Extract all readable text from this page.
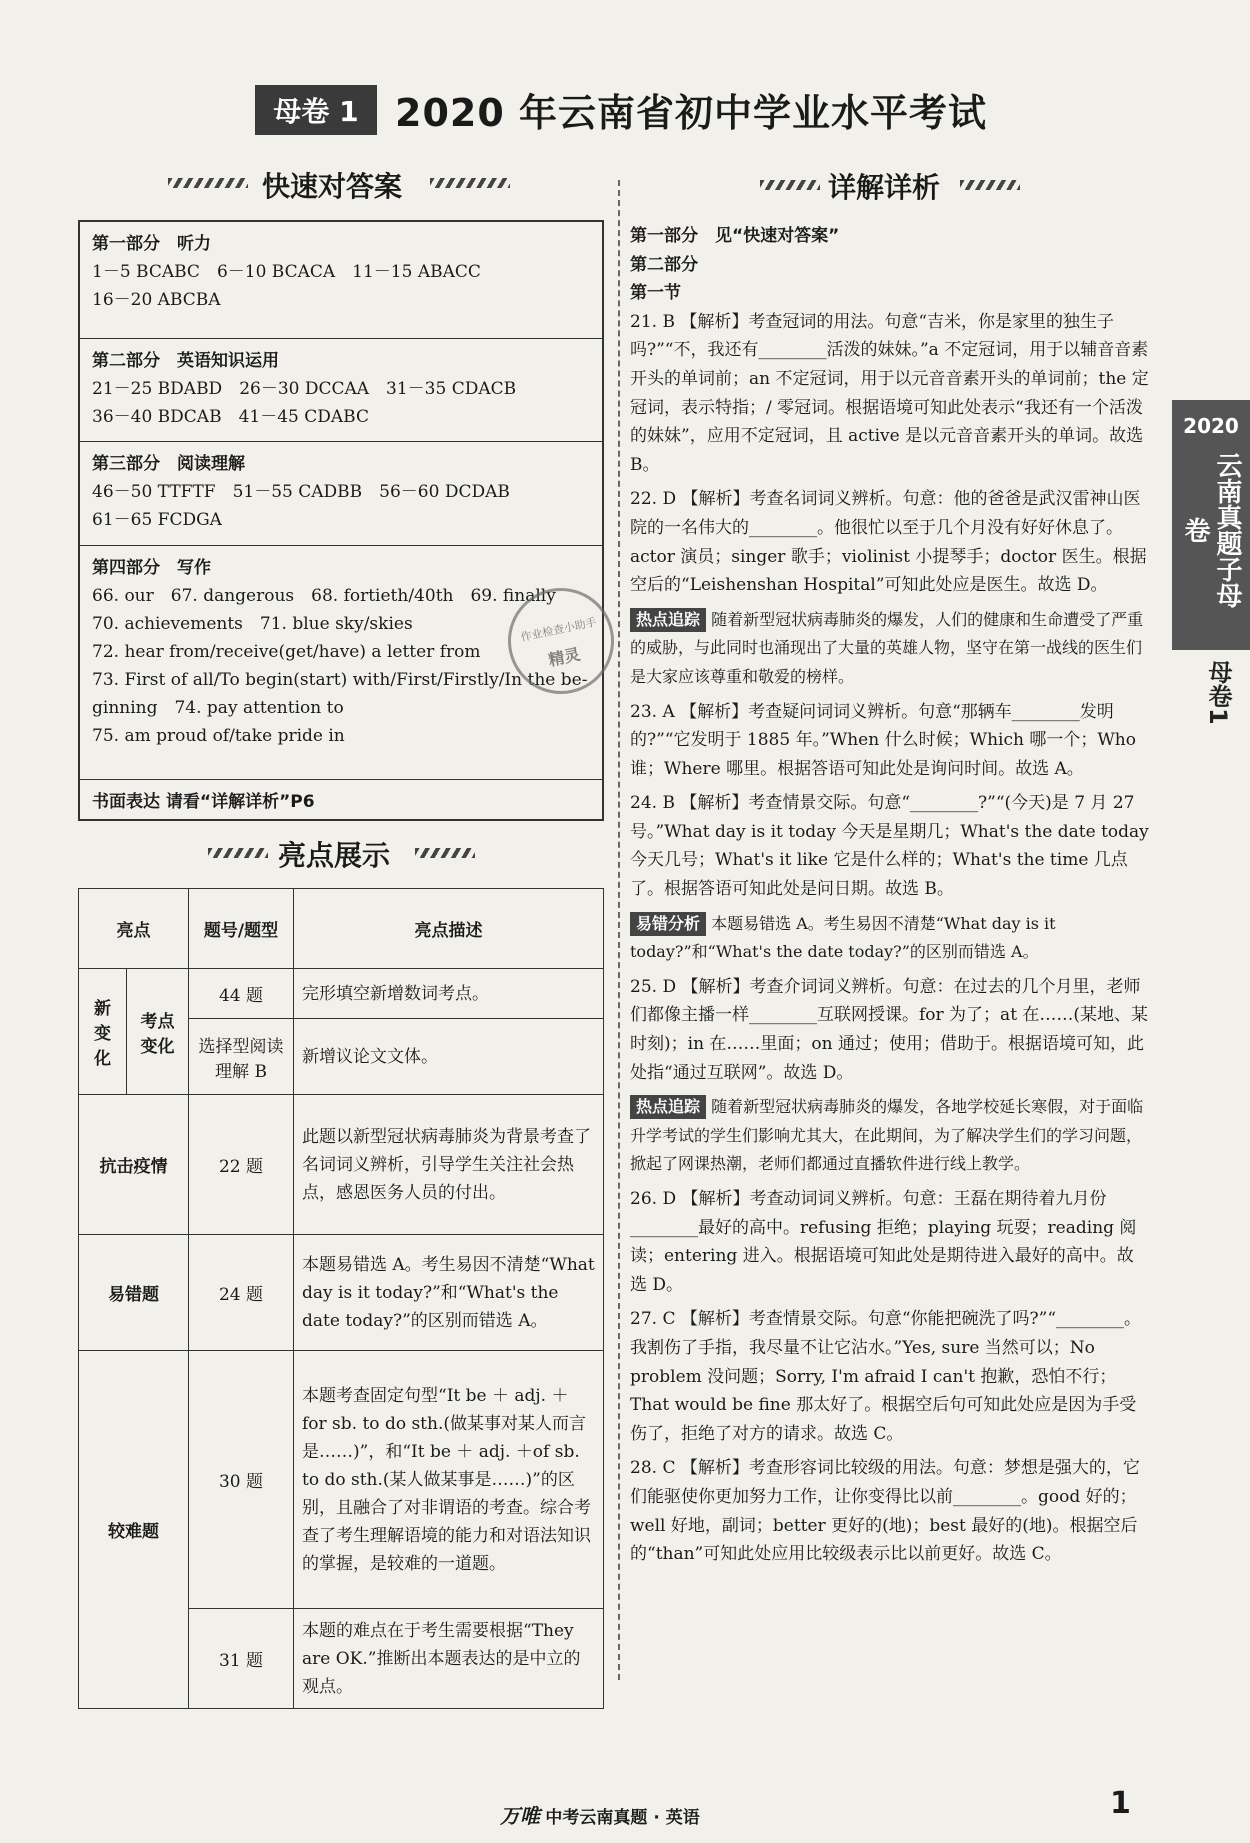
母卷 1 2020 年云南省初中学业水平考试
快速对答案
第一部分　听力
1－5 BCABC　6－10 BCACA　11－15 ABACC
16－20 ABCBA
第二部分　英语知识运用
21－25 BDABD　26－30 DCCAA　31－35 CDACB
36－40 BDCAB　41－45 CDABC
第三部分　阅读理解
46－50 TTFTF　51－55 CADBB　56－60 DCDAB
61－65 FCDGA
第四部分　写作
66. our　67. dangerous　68. fortieth/40th　69. finally
70. achievements　71. blue sky/skies
72. hear from/receive(get/have) a letter from
73. First of all/To begin(start) with/First/Firstly/In the be-
ginning　74. pay attention to
75. am proud of/take pride in
书面表达 请看“详解详析”P6
作业检查小助手
精灵
亮点展示
亮点		题号/题型	亮点描述
新变化	考点变化	44 题	完形填空新增数词考点。
		选择型阅读理解 B	新增议论文文体。
抗击疫情		22 题	此题以新型冠状病毒肺炎为背景考查了名词词义辨析，引导学生关注社会热点，感恩医务人员的付出。
易错题		24 题	本题易错选 A。考生易因不清楚“What day is it today?”和“What's the date today?”的区别而错选 A。
较难题		30 题	本题考查固定句型“It be ＋ adj. ＋ for sb. to do sth.(做某事对某人而言是……)”，和“It be ＋ adj. ＋of sb. to do sth.(某人做某事是……)”的区别，且融合了对非谓语的考查。综合考查了考生理解语境的能力和对语法知识的掌握，是较难的一道题。
		31 题	本题的难点在于考生需要根据“They are OK.”推断出本题表达的是中立的观点。
详解详析

第一部分　见“快速对答案”

第二部分

第一节

21. B 【解析】考查冠词的用法。句意“吉米，你是家里的独生子吗?”“不，我还有________活泼的妹妹。”a 不定冠词，用于以辅音音素开头的单词前；an 不定冠词，用于以元音音素开头的单词前；the 定冠词，表示特指；/ 零冠词。根据语境可知此处表示“我还有一个活泼的妹妹”，应用不定冠词，且 active 是以元音音素开头的单词。故选 B。

22. D 【解析】考查名词词义辨析。句意：他的爸爸是武汉雷神山医院的一名伟大的________。他很忙以至于几个月没有好好休息了。actor 演员；singer 歌手；violinist 小提琴手；doctor 医生。根据空后的“Leishenshan Hospital”可知此处应是医生。故选 D。

热点追踪 随着新型冠状病毒肺炎的爆发，人们的健康和生命遭受了严重的威胁，与此同时也涌现出了大量的英雄人物，坚守在第一战线的医生们是大家应该尊重和敬爱的榜样。

23. A 【解析】考查疑问词词义辨析。句意“那辆车________发明的?”“它发明于 1885 年。”When 什么时候；Which 哪一个；Who 谁；Where 哪里。根据答语可知此处是询问时间。故选 A。

24. B 【解析】考查情景交际。句意“________?”“(今天)是 7 月 27 号。”What day is it today 今天是星期几；What's the date today 今天几号；What's it like 它是什么样的；What's the time 几点了。根据答语可知此处是问日期。故选 B。

易错分析 本题易错选 A。考生易因不清楚“What day is it today?”和“What's the date today?”的区别而错选 A。

25. D 【解析】考查介词词义辨析。句意：在过去的几个月里，老师们都像主播一样________互联网授课。for 为了；at 在……(某地、某时刻)；in 在……里面；on 通过；使用；借助于。根据语境可知，此处指“通过互联网”。故选 D。

热点追踪 随着新型冠状病毒肺炎的爆发，各地学校延长寒假，对于面临升学考试的学生们影响尤其大，在此期间，为了解决学生们的学习问题，掀起了网课热潮，老师们都通过直播软件进行线上教学。

26. D 【解析】考查动词词义辨析。句意：王磊在期待着九月份________最好的高中。refusing 拒绝；playing 玩耍；reading 阅读；entering 进入。根据语境可知此处是期待进入最好的高中。故选 D。

27. C 【解析】考查情景交际。句意“你能把碗洗了吗?”“________。我割伤了手指，我尽量不让它沾水。”Yes, sure 当然可以；No problem 没问题；Sorry, I'm afraid I can't 抱歉，恐怕不行；That would be fine 那太好了。根据空后句可知此处应是因为手受伤了，拒绝了对方的请求。故选 C。

28. C 【解析】考查形容词比较级的用法。句意：梦想是强大的，它们能驱使你更加努力工作，让你变得比以前________。good 好的；well 好地，副词；better 更好的(地)；best 最好的(地)。根据空后的“than”可知此处应用比较级表示比以前更好。故选 C。

2020
云南真题子母卷
母卷1
万唯 中考云南真题 · 英语	1
